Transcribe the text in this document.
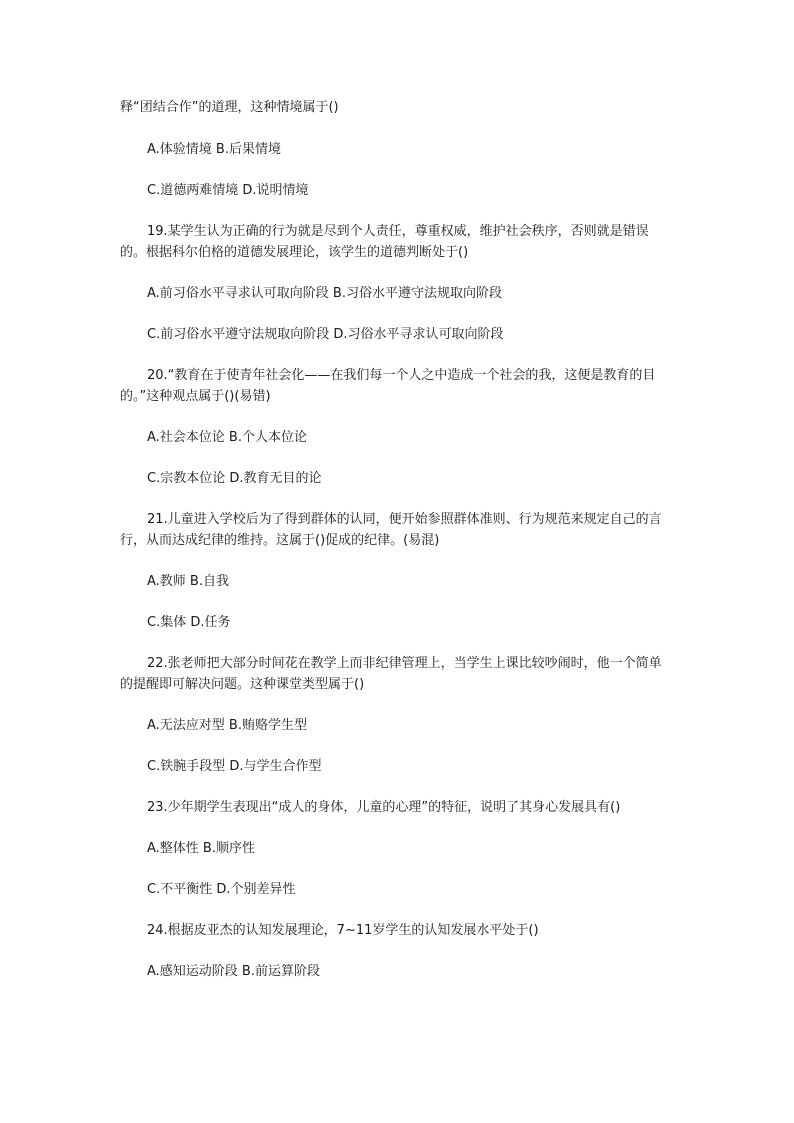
释“团结合作”的道理，这种情境属于()

A.体验情境 B.后果情境

C.道德两难情境 D.说明情境

19.某学生认为正确的行为就是尽到个人责任，尊重权威，维护社会秩序，否则就是错误的。根据科尔伯格的道德发展理论，该学生的道德判断处于()

A.前习俗水平寻求认可取向阶段 B.习俗水平遵守法规取向阶段

C.前习俗水平遵守法规取向阶段 D.习俗水平寻求认可取向阶段

20.“教育在于使青年社会化——在我们每一个人之中造成一个社会的我，这便是教育的目的。”这种观点属于()(易错)

A.社会本位论 B.个人本位论

C.宗教本位论 D.教育无目的论

21.儿童进入学校后为了得到群体的认同，便开始参照群体准则、行为规范来规定自己的言行，从而达成纪律的维持。这属于()促成的纪律。(易混)

A.教师 B.自我

C.集体 D.任务

22.张老师把大部分时间花在教学上而非纪律管理上，当学生上课比较吵闹时，他一个简单的提醒即可解决问题。这种课堂类型属于()

A.无法应对型 B.贿赂学生型

C.铁腕手段型 D.与学生合作型

23.少年期学生表现出“成人的身体，儿童的心理”的特征，说明了其身心发展具有()

A.整体性 B.顺序性

C.不平衡性 D.个别差异性

24.根据皮亚杰的认知发展理论，7~11岁学生的认知发展水平处于()

A.感知运动阶段 B.前运算阶段
